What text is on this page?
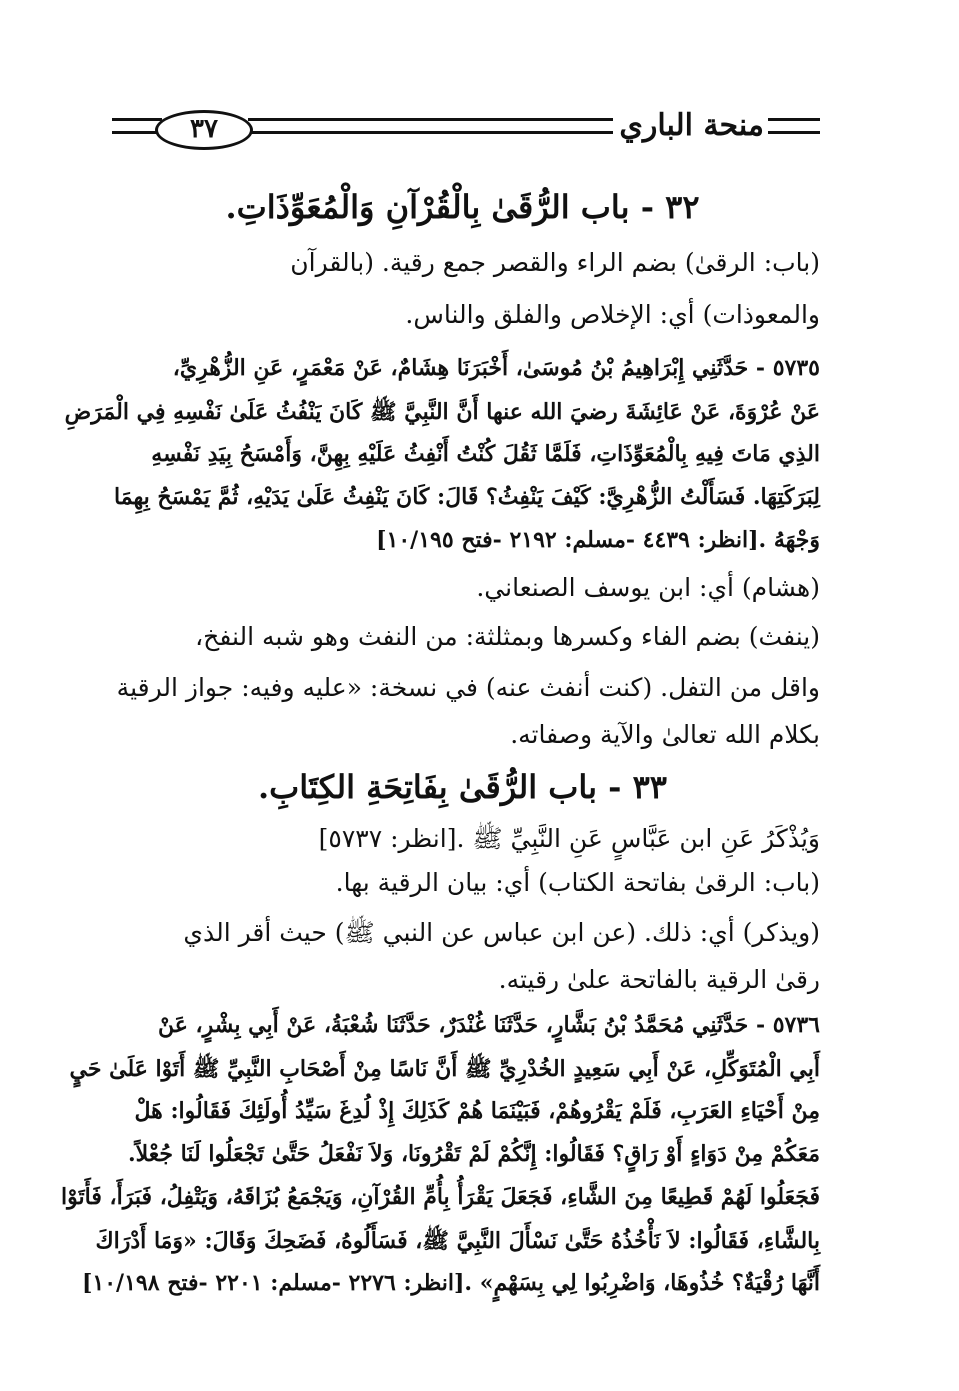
٣٧	منحة الباري
٣٢ - باب الرُّقَىٰ بِالْقُرْآنِ وَالْمُعَوِّذَاتِ.
(باب: الرقىٰ) بضم الراء والقصر جمع رقية. (بالقرآن
والمعوذات) أي: الإخلاص والفلق والناس.
٥٧٣٥ - حَدَّثَنِي إِبْرَاهِيمُ بْنُ مُوسَىٰ، أَخْبَرَنَا هِشَامٌ، عَنْ مَعْمَرٍ، عَنِ الزُّهْرِيِّ،
عَنْ عُرْوَةَ، عَنْ عَائِشَةَ رضيَ الله عنها أَنَّ النَّبِيَّ ﷺ كَانَ يَنْفُثُ عَلَىٰ نَفْسِهِ فِي الْمَرَضِ
الذِي مَاتَ فِيهِ بِالْمُعَوِّذَاتِ، فَلَمَّا ثَقُلَ كُنْتُ أَنْفِثُ عَلَيْهِ بِهِنَّ، وَأَمْسَحُ بِيَدِ نَفْسِهِ
لِبَرَكَتِهَا. فَسَأَلْتُ الزُّهْرِيَّ: كَيْفَ يَنْفِثُ؟ قَالَ: كَانَ يَنْفِثُ عَلَىٰ يَدَيْهِ، ثُمَّ يَمْسَحُ بِهِمَا
وَجْهَهُ .[انظر: ٤٤٣٩ -مسلم: ٢١٩٢ -فتح ١٠/١٩٥]
(هشام) أي: ابن يوسف الصنعاني.
(ينفث) بضم الفاء وكسرها وبمثلثة: من النفث وهو شبه النفخ،
واقل من التفل. (كنت أنفث عنه) في نسخة: «عليه وفيه: جواز الرقية
بكلام الله تعالىٰ والآية وصفاته.
٣٣ - باب الرُّقَىٰ بِفَاتِحَةِ الكِتَابِ.
وَيُذْكَرُ عَنِ ابن عَبَّاسٍ عَنِ النَّبِيِّ ﷺ .[انظر: ٥٧٣٧]
(باب: الرقىٰ بفاتحة الكتاب) أي: بيان الرقية بها.
(ويذكر) أي: ذلك. (عن ابن عباس عن النبي ﷺ) حيث أقر الذي
رقىٰ الرقية بالفاتحة علىٰ رقيته.
٥٧٣٦ - حَدَّثَنِي مُحَمَّدُ بْنُ بَشَّارٍ، حَدَّثَنَا غُنْدَرٌ، حَدَّثَنَا شُعْبَةُ، عَنْ أَبِي بِشْرٍ، عَنْ
أَبِي الْمُتَوَكِّلِ، عَنْ أَبِي سَعِيدٍ الخُدْرِيِّ ﷺ أَنَّ نَاسًا مِنْ أَصْحَابِ النَّبِيِّ ﷺ أَتَوْا عَلَىٰ حَيٍ
مِنْ أَحْيَاءِ العَرَبِ، فَلَمْ يَقْرُوهُمْ، فَبَيْنَمَا هُمْ كَذَلِكَ إِذْ لُدِغَ سَيِّدُ أُولَئِكَ فَقَالُوا: هَلْ
مَعَكُمْ مِنْ دَوَاءٍ أَوْ رَاقٍ؟ فَقَالُوا: إِنَّكُمْ لَمْ تَقْرُونَا، وَلاَ نَفْعَلُ حَتَّىٰ تَجْعَلُوا لَنَا جُعْلاً.
فَجَعَلُوا لَهُمْ قَطِيعًا مِنَ الشَّاءِ، فَجَعَلَ يَقْرَأُ بِأُمِّ القُرْآنِ، وَيَجْمَعُ بُزَاقَهُ، وَيَتْفِلُ، فَبَرَأَ، فَأَتَوْا
بِالشَّاءِ، فَقَالُوا: لاَ نَأْخُذُهُ حَتَّىٰ نَسْأَلَ النَّبِيَّ ﷺ، فَسَأَلُوهُ، فَضَحِكَ وَقَالَ: «وَمَا أَدْرَاكَ
أَنَّهَا رُقْيَةٌ؟ خُذُوهَا، وَاضْرِبُوا لِي بِسَهْمٍ» .[انظر: ٢٢٧٦ -مسلم: ٢٢٠١ -فتح ١٠/١٩٨]
